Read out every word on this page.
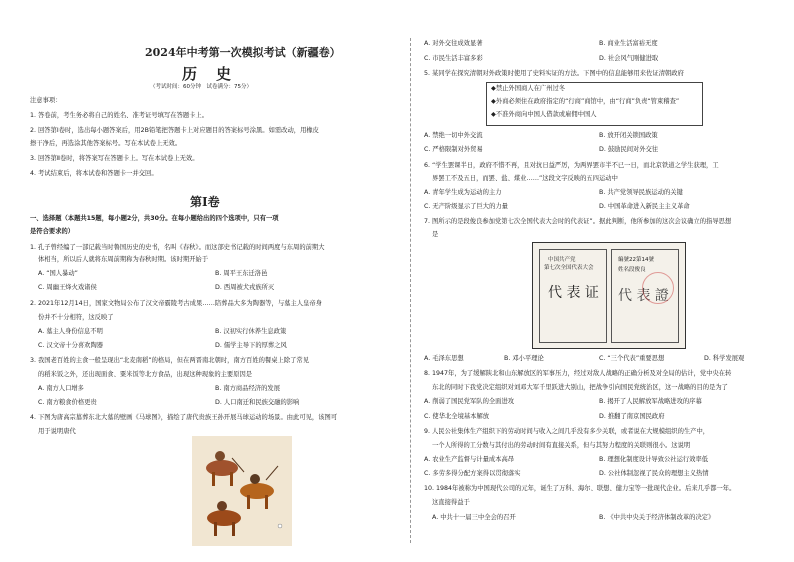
2024年中考第一次模拟考试（新疆卷）
历　史
（考试时间：60分钟　试卷满分：75分）
注意事项：
1. 答卷前，考生务必将自己的姓名、准考证号填写在答题卡上。
2. 回答第Ⅰ卷时，选出每小题答案后，用2B铅笔把答题卡上对应题目的答案标号涂黑。如需改动，用橡皮
擦干净后，再选涂其他答案标号。写在本试卷上无效。
3. 回答第Ⅱ卷时，将答案写在答题卡上。写在本试卷上无效。
4. 考试结束后，将本试卷和答题卡一并交回。
第Ⅰ卷
一、选择题（本题共15题，每小题2分，共30分。在每小题给出的四个选项中，只有一项
是符合要求的）
1. 孔子曾经编了一部记载当时鲁国历史的史书，名叫《春秋》。而这部史书记载的时间两度与东周的前期大
体相当，所以后人就将东周前期称为春秋时期。该时期开始于
A. “国人暴动”	B. 周平王东迁洛邑
C. 周幽王烽火戏诸侯	D. 西周被犬戎族所灭
2. 2021年12月14日，国家文物局公布了汉文帝霸陵考古成果……陪葬品大多为陶器等，与墓主人皇帝身
份并不十分相符，这反映了
A. 墓主人身份信息不明	B. 汉初实行休养生息政策
C. 汉文帝十分喜欢陶器	D. 儒学主导下的厚葬之风
3. 我国老百姓的主食一般呈现出“北麦南稻”的格局，但在两晋南北朝时，南方百姓的餐桌上除了常见
的稻米饭之外，还出现面食、粟米饭等北方食品，出现这种现象的主要原因是
A. 南方人口增多	B. 南方商品经济的发展
C. 南方粮食价格更贵	D. 人口南迁和民族交融的影响
4. 下图为唐高宗墓葬东北大墓的壁画《马球图》，描绘了唐代贵族王孙开展马球运动的场景。由此可见，该图可
用于说明唐代
A. 对外交往成效显著	B. 商业生活富裕无度
C. 市民生活丰富多彩	D. 社会风气刚健进取
5. 某同学在探究清朝对外政策时使用了史料实证的方法。下图中的信息能够用来佐证清朝政府
◆禁止外国商人在广州过冬
◆外商必须住在政府指定的“行商”商馆中，由“行商”负责“管束稽查”
◆不准外商向中国人借款或雇佣中国人
A. 禁绝一切中外交流	B. 放开闭关锁国政策
C. 严格限制对外贸易	D. 鼓励民间对外交往
6. “学生罢课半日，政府不惜不再，且对抗日益严厉，为两界罢市半不已一日，而北京铁道之学生获理，工
界罢工不及五日，而罢、盐、煤业……”这段文字反映的五四运动中
A. 青年学生成为运动的主力	B. 共产党领导民族运动的关键
C. 无产阶级显示了巨大的力量	D. 中国革命进入新民主主义革命
7. 图所示的是段俊良参加党第七次全国代表大会时的代表证”。据此判断，他所参加的这次会议确立的指导思想
是
中国共产党
第七次全国代表大会
代 表 证
編號22第14號
姓名段俊良
代 表 證
A. 毛泽东思想	B. 邓小平理论	C. “三个代表”重要思想	D. 科学发展观
8. 1947年，为了缓解陕北和山东解放区的军事压力，经过对敌人战略的正确分析及对全局的估计，党中央在转
东北的同时下我党决定组织对刘邓大军千里跃进大别山，把战争引向国民党统治区，这一战略的目的是为了
A. 削弱了国民党军队的全面进攻	B. 揭开了人民解放军战略进攻的序幕
C. 使华北全境基本解放	D. 推翻了南京国民政府
9. 人民公社集体生产组织下的劳动时间与收入之间几乎没有多少关联，或者说在大规模组织的生产中，
一个人所得的工分数与其付出的劳动时间有直接关系，但与其努力程度的关联则很小。这说明
A. 农业生产监督与计量成本高昂	B. 理想化制度设计导致公社运行效率低
C. 多劳多得分配方案得以贯彻落实	D. 公社体制忽视了民众的理想主义热情
10. 1984年被称为中国现代公司的元年，诞生了万科、海尔、联想、健力宝等一批现代企业。后来几乎都一年。
这直接得益于
A. 中共十一届三中全会的召开	B. 《中共中央关于经济体制改革的决定》
